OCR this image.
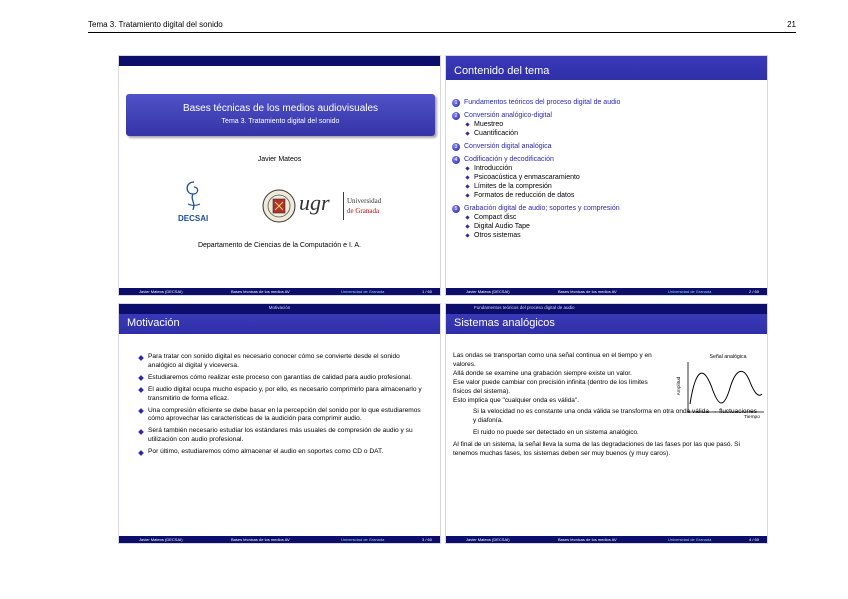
Tema 3. Tratamiento digital del sonido	21
Bases técnicas de los medios audiovisuales
Tema 3. Tratamiento digital del sonido
Javier Mateos
DECSAI
ugr Universidad
de Granada
Departamento de Ciencias de la Computación e I. A.
Javier Mateos (DECSAI)	Bases técnicas de los medios AV	Universidad de Granada	1 / 60
Contenido del tema
1 Fundamentos teóricos del proceso digital de audio
2 Conversión analógico-digital
Muestreo
Cuantificación
3 Conversión digital analógica
4 Codificación y decodificación
Introducción
Psicoacústica y enmascaramiento
Límites de la compresión
Formatos de reducción de datos
5 Grabación digital de audio; soportes y compresión
Compact disc
Digital Audio Tape
Otros sistemas
Javier Mateos (DECSAI)	Bases técnicas de los medios AV	Universidad de Granada	2 / 60
Motivación
Motivación
Para tratar con sonido digital es necesario conocer cómo se convierte desde el sonido analógico al digital y viceversa.
Estudiaremos cómo realizar este proceso con garantías de calidad para audio profesional.
El audio digital ocupa mucho espacio y, por ello, es necesario comprimirlo para almacenarlo y transmitirlo de forma eficaz.
Una compresión eficiente se debe basar en la percepción del sonido por lo que estudiaremos cómo aprovechar las características de la audición para comprimir audio.
Será también necesario estudiar los estándares más usuales de compresión de audio y su utilización con audio profesional.
Por último, estudiaremos cómo almacenar el audio en soportes como CD o DAT.
Javier Mateos (DECSAI)	Bases técnicas de los medios AV	Universidad de Granada	3 / 60
Fundamentos teóricos del proceso digital de audio
Sistemas analógicos
Las ondas se transportan como una señal continua en el tiempo y en valores.
Allá donde se examine una grabación siempre existe un valor.
Ese valor puede cambiar con precisión infinita (dentro de los límites físicos del sistema).
Esto implica que "cualquier onda es válida".
Si la velocidad no es constante una onda válida se transforma en otra onda válida → fluctuaciones y diafonía.
El ruido no puede ser detectado en un sistema analógico.
Al final de un sistema, la señal lleva la suma de las degradaciones de las fases por las que pasó. Si tenemos muchas fases, los sistemas deben ser muy buenos (y muy caros).
Señal analógica
Amplitud
Tiempo
Javier Mateos (DECSAI)	Bases técnicas de los medios AV	Universidad de Granada	4 / 60
